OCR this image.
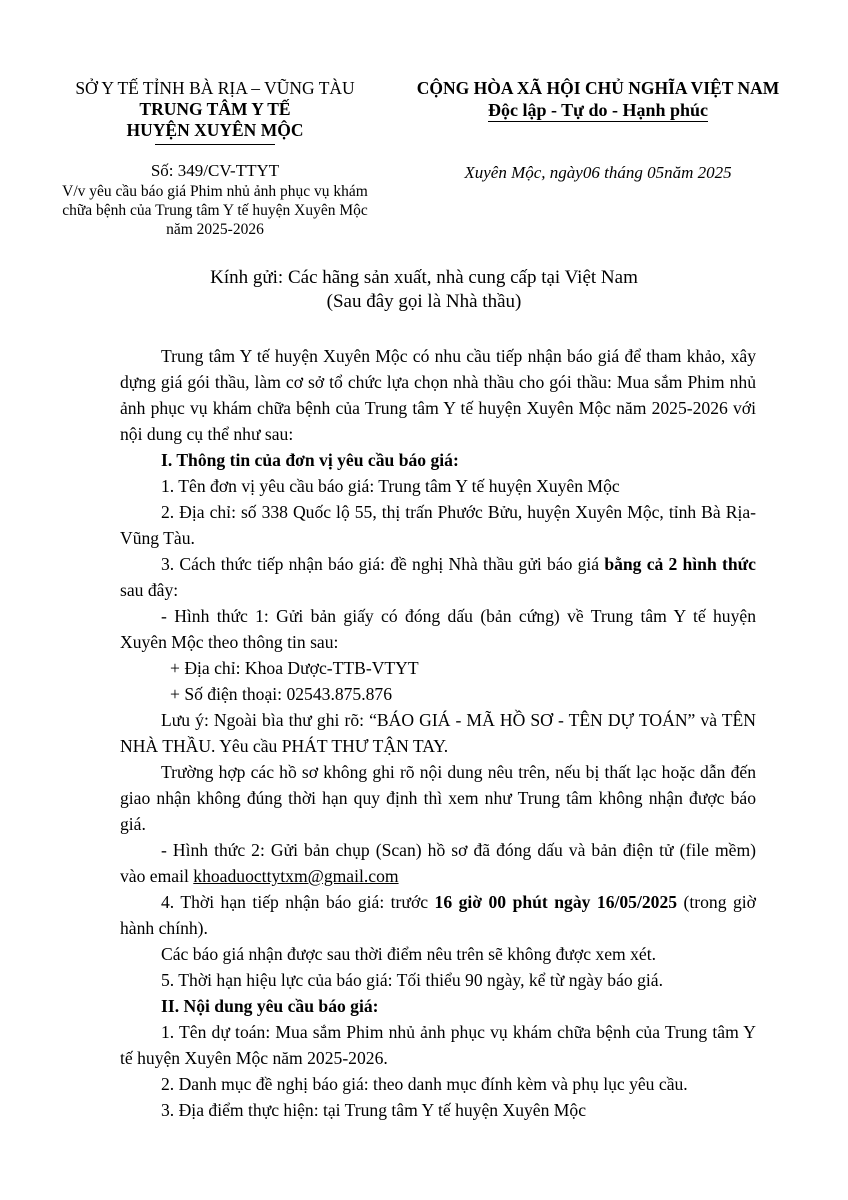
SỞ Y TẾ TỈNH BÀ RỊA – VŨNG TÀU
TRUNG TÂM Y TẾ
HUYỆN XUYÊN MỘC
CỘNG HÒA XÃ HỘI CHỦ NGHĨA VIỆT NAM
Độc lập - Tự do - Hạnh phúc
Số: 349/CV-TTYT
V/v yêu cầu báo giá Phim nhủ ảnh phục vụ khám
chữa bệnh của Trung tâm Y tế huyện Xuyên Mộc
năm 2025-2026
Xuyên Mộc, ngày06 tháng 05năm 2025
Kính gửi: Các hãng sản xuất, nhà cung cấp tại Việt Nam
(Sau đây gọi là Nhà thầu)

Trung tâm Y tế huyện Xuyên Mộc có nhu cầu tiếp nhận báo giá để tham khảo, xây dựng giá gói thầu, làm cơ sở tổ chức lựa chọn nhà thầu cho gói thầu: Mua sắm Phim nhủ ảnh phục vụ khám chữa bệnh của Trung tâm Y tế huyện Xuyên Mộc năm 2025-2026 với nội dung cụ thể như sau:

I. Thông tin của đơn vị yêu cầu báo giá:

1. Tên đơn vị yêu cầu báo giá: Trung tâm Y tế huyện Xuyên Mộc

2. Địa chỉ: số 338 Quốc lộ 55, thị trấn Phước Bửu, huyện Xuyên Mộc, tỉnh Bà Rịa- Vũng Tàu.

3. Cách thức tiếp nhận báo giá: đề nghị Nhà thầu gửi báo giá bằng cả 2 hình thức sau đây:

- Hình thức 1: Gửi bản giấy có đóng dấu (bản cứng) về Trung tâm Y tế huyện Xuyên Mộc theo thông tin sau:

+ Địa chỉ: Khoa Dược-TTB-VTYT

+ Số điện thoại: 02543.875.876

Lưu ý: Ngoài bìa thư ghi rõ: “BÁO GIÁ - MÃ HỒ SƠ - TÊN DỰ TOÁN” và TÊN NHÀ THẦU. Yêu cầu PHÁT THƯ TẬN TAY.

Trường hợp các hồ sơ không ghi rõ nội dung nêu trên, nếu bị thất lạc hoặc dẫn đến giao nhận không đúng thời hạn quy định thì xem như Trung tâm không nhận được báo giá.

- Hình thức 2: Gửi bản chụp (Scan) hồ sơ đã đóng dấu và bản điện tử (file mềm) vào email khoaduocttytxm@gmail.com

4. Thời hạn tiếp nhận báo giá: trước 16 giờ 00 phút ngày 16/05/2025 (trong giờ hành chính).

Các báo giá nhận được sau thời điểm nêu trên sẽ không được xem xét.

5. Thời hạn hiệu lực của báo giá: Tối thiểu 90 ngày, kể từ ngày báo giá.

II. Nội dung yêu cầu báo giá:

1. Tên dự toán: Mua sắm Phim nhủ ảnh phục vụ khám chữa bệnh của Trung tâm Y tế huyện Xuyên Mộc năm 2025-2026.

2. Danh mục đề nghị báo giá: theo danh mục đính kèm và phụ lục yêu cầu.

3. Địa điểm thực hiện: tại Trung tâm Y tế huyện Xuyên Mộc
